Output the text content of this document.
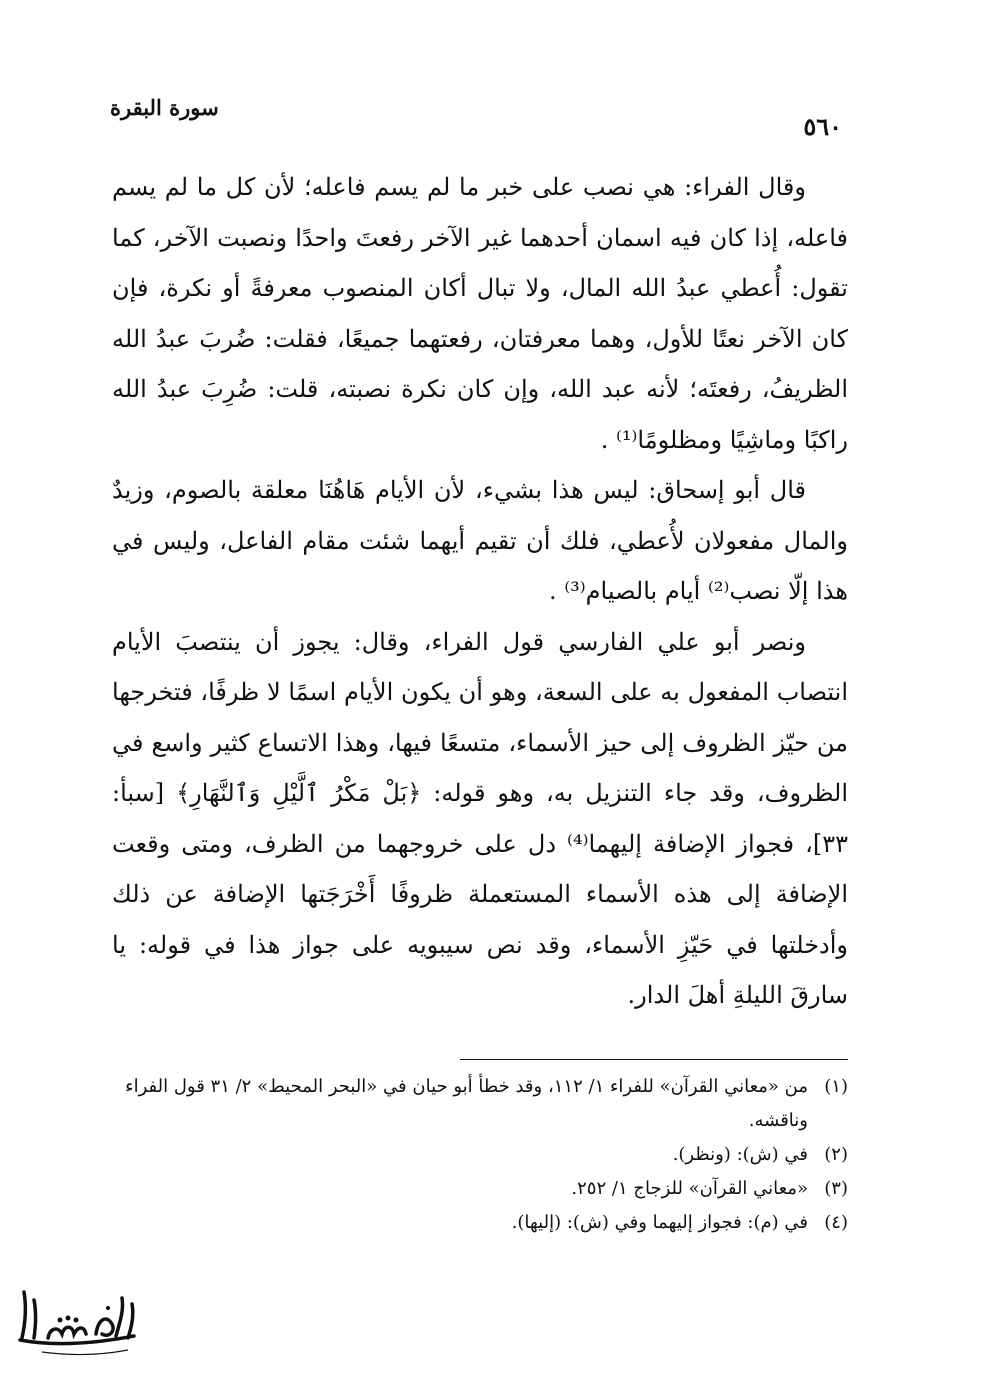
سورة البقرة
٥٦٠

وقال الفراء: هي نصب على خبر ما لم يسم فاعله؛ لأن كل ما لم يسم فاعله، إذا كان فيه اسمان أحدهما غير الآخر رفعتَ واحدًا ونصبت الآخر، كما تقول: أُعطي عبدُ الله المال، ولا تبال أكان المنصوب معرفةً أو نكرة، فإن كان الآخر نعتًا للأول، وهما معرفتان، رفعتهما جميعًا، فقلت: ضُربَ عبدُ الله الظريفُ، رفعتَه؛ لأنه عبد الله، وإن كان نكرة نصبته، قلت: ضُرِبَ عبدُ الله راكبًا وماشِيًا ومظلومًا⁽¹⁾ .

قال أبو إسحاق: ليس هذا بشيء، لأن الأيام هَاهُنَا معلقة بالصوم، وزيدٌ والمال مفعولان لأُعطي، فلك أن تقيم أيهما شئت مقام الفاعل، وليس في هذا إلّا نصب⁽²⁾ أيام بالصيام⁽³⁾ .

ونصر أبو علي الفارسي قول الفراء، وقال: يجوز أن ينتصبَ الأيام انتصاب المفعول به على السعة، وهو أن يكون الأيام اسمًا لا ظرفًا، فتخرجها من حيّز الظروف إلى حيز الأسماء، متسعًا فيها، وهذا الاتساع كثير واسع في الظروف، وقد جاء التنزيل به، وهو قوله: ﴿بَلْ مَكْرُ ٱلَّيْلِ وَٱلنَّهَارِ﴾ [سبأ: ٣٣]، فجواز الإضافة إليهما⁽⁴⁾ دل على خروجهما من الظرف، ومتى وقعت الإضافة إلى هذه الأسماء المستعملة ظروفًا أَخْرَجَتها الإضافة عن ذلك وأدخلتها في حَيّزِ الأسماء، وقد نص سيبويه على جواز هذا في قوله: يا سارقَ الليلةِ أهلَ الدار.

(١)
من «معاني القرآن» للفراء ١/ ١١٢، وقد خطأ أبو حيان في «البحر المحيط» ٢/ ٣١ قول الفراء وناقشه.
(٢)
في (ش): (ونظر).
(٣)
«معاني القرآن» للزجاج ١/ ٢٥٢.
(٤)
في (م): فجواز إليهما وفي (ش): (إليها).
